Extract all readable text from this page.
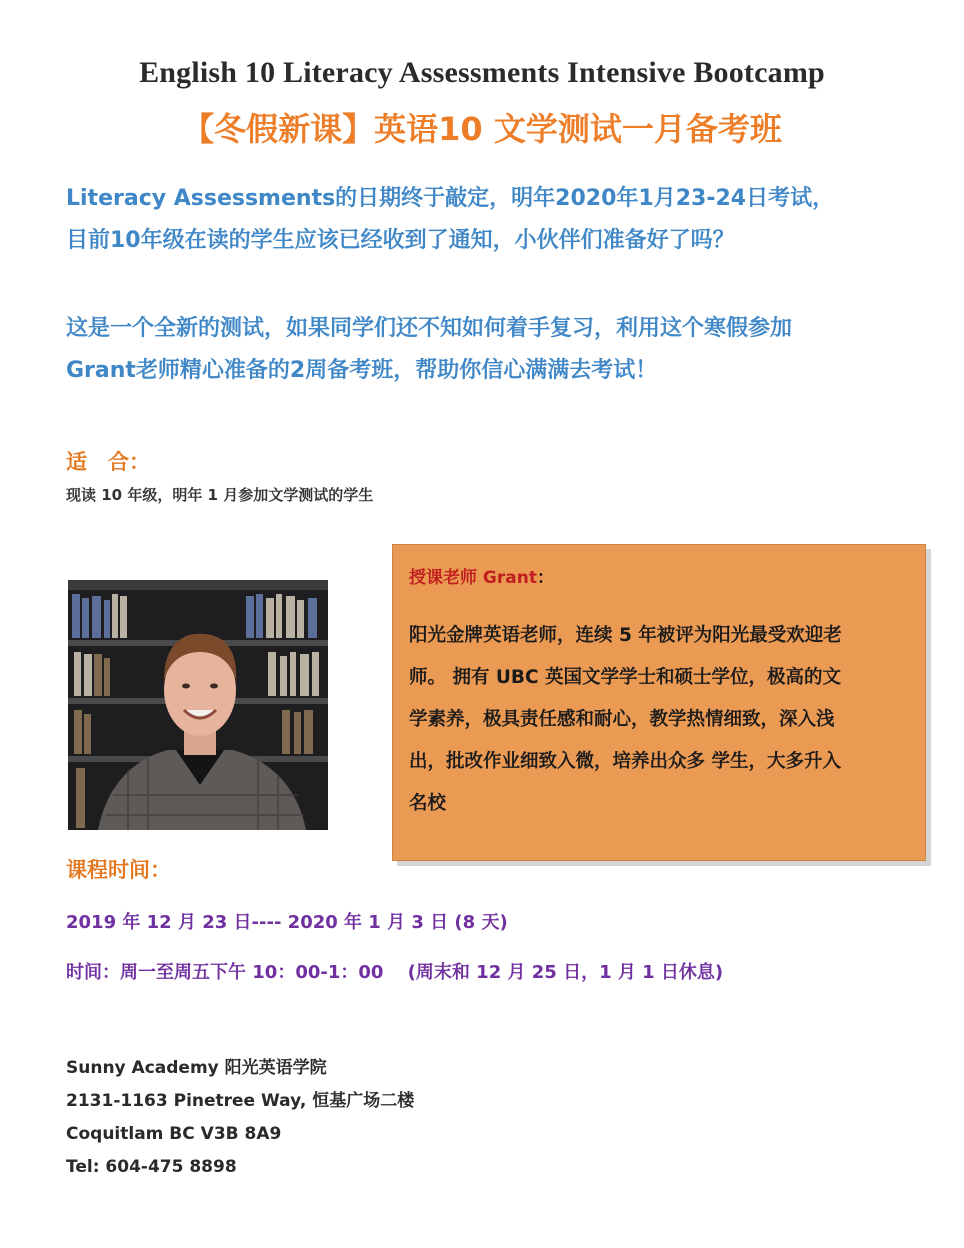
English 10 Literacy Assessments Intensive Bootcamp
【冬假新课】英语10 文学测试一月备考班

Literacy Assessments的日期终于敲定，明年2020年1月23-24日考试，

目前10年级在读的学生应该已经收到了通知，小伙伴们准备好了吗？

这是一个全新的测试，如果同学们还不知如何着手复习，利用这个寒假参加

Grant老师精心准备的2周备考班，帮助你信心满满去考试！

适　合：
现读 10 年级，明年 1 月参加文学测试的学生
授课老师 Grant：
阳光金牌英语老师，连续 5 年被评为阳光最受欢迎老
师。 拥有 UBC 英国文学学士和硕士学位，极高的文
学素养，极具责任感和耐心，教学热情细致，深入浅
出，批改作业细致入微，培养出众多 学生，大多升入
名校
课程时间：
2019 年 12 月 23 日---- 2020 年 1 月 3 日 (8 天)
时间：周一至周五下午 10：00-1：00　 (周末和 12 月 25 日，1 月 1 日休息)
Sunny Academy 阳光英语学院
2131-1163 Pinetree Way, 恒基广场二楼
Coquitlam BC V3B 8A9
Tel: 604-475 8898
